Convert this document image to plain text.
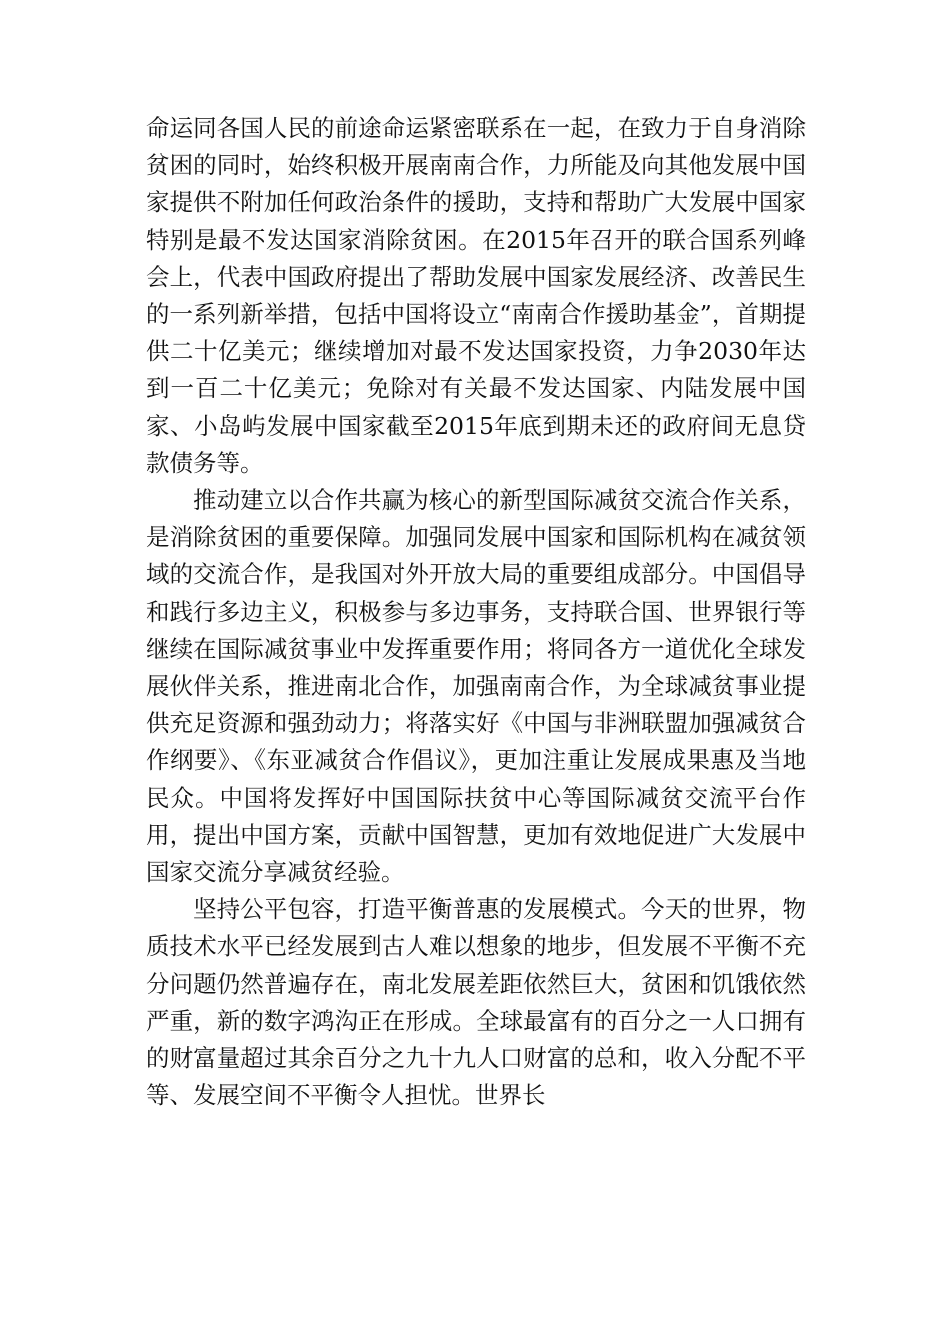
命运同各国人民的前途命运紧密联系在一起，在致力于自身消除贫困的同时，始终积极开展南南合作，力所能及向其他发展中国家提供不附加任何政治条件的援助，支持和帮助广大发展中国家特别是最不发达国家消除贫困。在2015年召开的联合国系列峰会上，代表中国政府提出了帮助发展中国家发展经济、改善民生的一系列新举措，包括中国将设立“南南合作援助基金”，首期提供二十亿美元；继续增加对最不发达国家投资，力争2030年达到一百二十亿美元；免除对有关最不发达国家、内陆发展中国家、小岛屿发展中国家截至2015年底到期未还的政府间无息贷款债务等。

推动建立以合作共赢为核心的新型国际减贫交流合作关系，是消除贫困的重要保障。加强同发展中国家和国际机构在减贫领域的交流合作，是我国对外开放大局的重要组成部分。中国倡导和践行多边主义，积极参与多边事务，支持联合国、世界银行等继续在国际减贫事业中发挥重要作用；将同各方一道优化全球发展伙伴关系，推进南北合作，加强南南合作，为全球减贫事业提供充足资源和强劲动力；将落实好《中国与非洲联盟加强减贫合作纲要》、《东亚减贫合作倡议》，更加注重让发展成果惠及当地民众。中国将发挥好中国国际扶贫中心等国际减贫交流平台作用，提出中国方案，贡献中国智慧，更加有效地促进广大发展中国家交流分享减贫经验。

坚持公平包容，打造平衡普惠的发展模式。今天的世界，物质技术水平已经发展到古人难以想象的地步，但发展不平衡不充分问题仍然普遍存在，南北发展差距依然巨大，贫困和饥饿依然严重，新的数字鸿沟正在形成。全球最富有的百分之一人口拥有的财富量超过其余百分之九十九人口财富的总和，收入分配不平等、发展空间不平衡令人担忧。世界长
